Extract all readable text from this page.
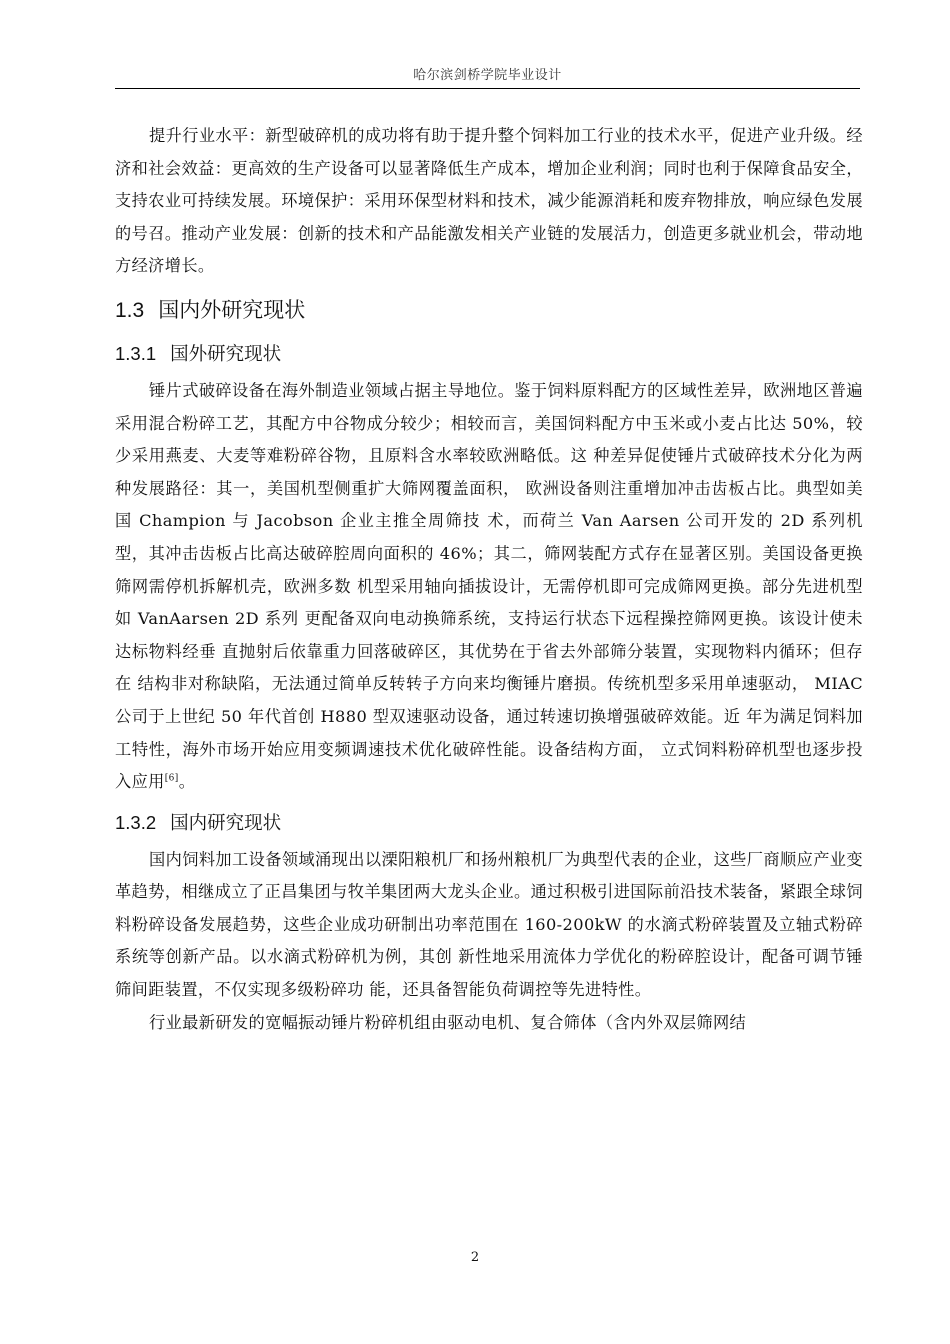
哈尔滨剑桥学院毕业设计

提升行业水平：新型破碎机的成功将有助于提升整个饲料加工行业的技术水平，促进产业升级。经济和社会效益：更高效的生产设备可以显著降低生产成本，增加企业利润；同时也利于保障食品安全，支持农业可持续发展。环境保护：采用环保型材料和技术，减少能源消耗和废弃物排放，响应绿色发展的号召。推动产业发展：创新的技术和产品能激发相关产业链的发展活力，创造更多就业机会，带动地方经济增长。

1.3 国内外研究现状
1.3.1 国外研究现状

锤片式破碎设备在海外制造业领域占据主导地位。鉴于饲料原料配方的区域性差异，欧洲地区普遍采用混合粉碎工艺，其配方中谷物成分较少；相较而言，美国饲料配方中玉米或小麦占比达 50%，较少采用燕麦、大麦等难粉碎谷物，且原料含水率较欧洲略低。这 种差异促使锤片式破碎技术分化为两种发展路径：其一，美国机型侧重扩大筛网覆盖面积， 欧洲设备则注重增加冲击齿板占比。典型如美国 Champion 与 Jacobson 企业主推全周筛技 术，而荷兰 Van Aarsen 公司开发的 2D 系列机型，其冲击齿板占比高达破碎腔周向面积的 46%；其二，筛网装配方式存在显著区别。美国设备更换筛网需停机拆解机壳，欧洲多数 机型采用轴向插拔设计，无需停机即可完成筛网更换。部分先进机型如 VanAarsen 2D 系列 更配备双向电动换筛系统，支持运行状态下远程操控筛网更换。该设计使未达标物料经垂 直抛射后依靠重力回落破碎区，其优势在于省去外部筛分装置，实现物料内循环；但存在 结构非对称缺陷，无法通过简单反转转子方向来均衡锤片磨损。传统机型多采用单速驱动， MIAC 公司于上世纪 50 年代首创 H880 型双速驱动设备，通过转速切换增强破碎效能。近 年为满足饲料加工特性，海外市场开始应用变频调速技术优化破碎性能。设备结构方面， 立式饲料粉碎机型也逐步投入应用[6]。

1.3.2 国内研究现状

国内饲料加工设备领域涌现出以溧阳粮机厂和扬州粮机厂为典型代表的企业，这些厂商顺应产业变革趋势，相继成立了正昌集团与牧羊集团两大龙头企业。通过积极引进国际前沿技术装备，紧跟全球饲料粉碎设备发展趋势，这些企业成功研制出功率范围在 160-200kW 的水滴式粉碎装置及立轴式粉碎系统等创新产品。以水滴式粉碎机为例，其创 新性地采用流体力学优化的粉碎腔设计，配备可调节锤筛间距装置，不仅实现多级粉碎功 能，还具备智能负荷调控等先进特性。

行业最新研发的宽幅振动锤片粉碎机组由驱动电机、复合筛体（含内外双层筛网结

2
